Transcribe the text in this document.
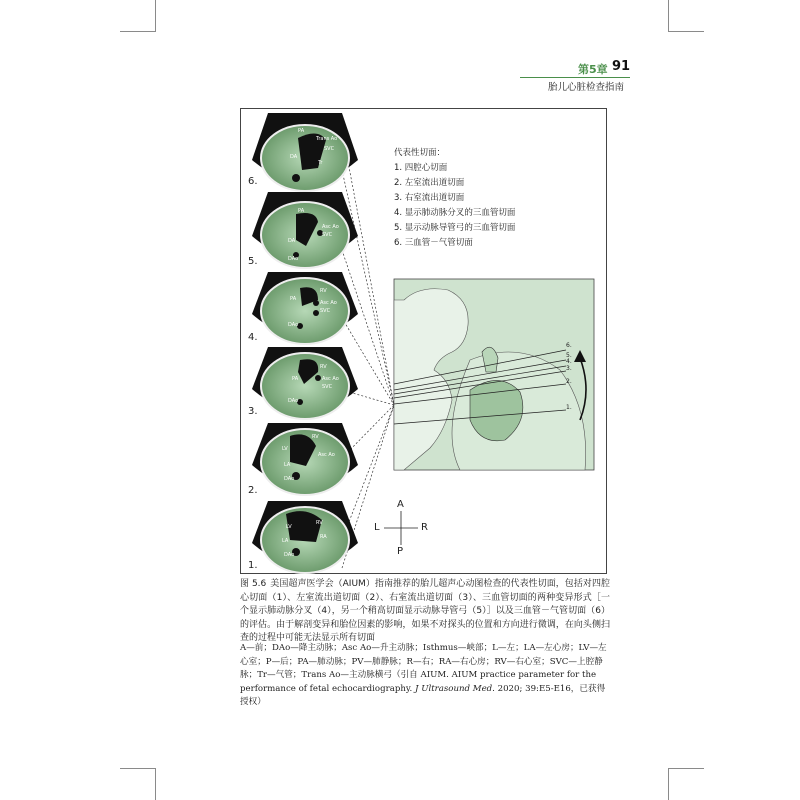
第5章 91
胎儿心脏检查指南
6.
5.
4.
3.
2.
1.
PA
Trans Ao
SVC
DA
Tr
PA
Asc Ao
SVC
DA
DAo
RV
PA
Asc Ao
SVC
DAo
RV
PA	Asc Ao
SVC
DAo
RV
LV
Asc Ao
LA
DAo
LV
RV
LA
RA
DAo
代表性切面：
1. 四腔心切面
2. 左室流出道切面
3. 右室流出道切面
4. 显示肺动脉分叉的三血管切面
5. 显示动脉导管弓的三血管切面
6. 三血管－气管切面
6.
5.
4.
3.
2.
1.
A
P
L	R
图 5.6 美国超声医学会（AIUM）指南推荐的胎儿超声心动图检查的代表性切面，包括对四腔心切面（1）、左室流出道切面（2）、右室流出道切面（3）、三血管切面的两种变异形式［一个显示肺动脉分叉（4），另一个稍高切面显示动脉导管弓（5）］以及三血管－气管切面（6）的评估。由于解剖变异和胎位因素的影响，如果不对探头的位置和方向进行微调，在向头侧扫查的过程中可能无法显示所有切面
A—前；DAo—降主动脉；Asc Ao—升主动脉；Isthmus—峡部；L—左；LA—左心房；LV—左心室；P—后；PA—肺动脉；PV—肺静脉；R—右；RA—右心房；RV—右心室；SVC—上腔静脉；Tr—气管；Trans Ao—主动脉横弓（引自 AIUM. AIUM practice parameter for the performance of fetal echocardiography. J Ultrasound Med. 2020; 39:E5-E16，已获得授权）
